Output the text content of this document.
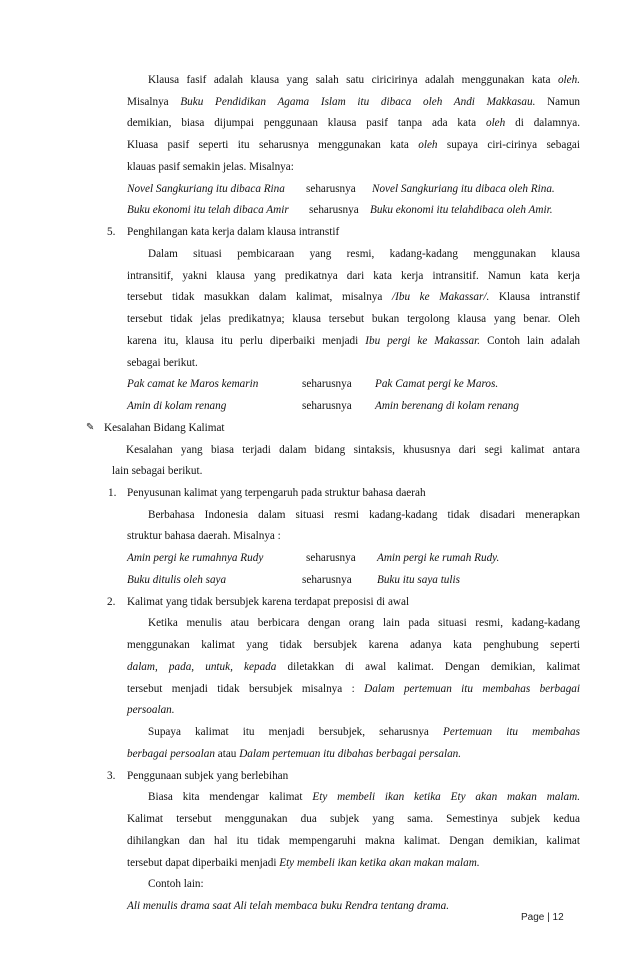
Klausa fasif adalah klausa yang salah satu ciricirinya adalah menggunakan kata oleh.
Misalnya Buku Pendidikan Agama Islam itu dibaca oleh Andi Makkasau. Namun
demikian, biasa dijumpai penggunaan klausa pasif tanpa ada kata oleh di dalamnya.
Kluasa pasif seperti itu seharusnya menggunakan kata oleh supaya ciri-cirinya sebagai
klauas pasif semakin jelas. Misalnya:
Novel Sangkuriang itu dibaca Rina seharusnya Novel Sangkuriang itu dibaca oleh Rina.
Buku ekonomi itu telah dibaca Amir seharusnya Buku ekonomi itu telahdibaca oleh Amir.
5. Penghilangan kata kerja dalam klausa intranstif
Dalam situasi pembicaraan yang resmi, kadang-kadang menggunakan klausa
intransitif, yakni klausa yang predikatnya dari kata kerja intransitif. Namun kata kerja
tersebut tidak masukkan dalam kalimat, misalnya /Ibu ke Makassar/. Klausa intranstif
tersebut tidak jelas predikatnya; klausa tersebut bukan tergolong klausa yang benar. Oleh
karena itu, klausa itu perlu diperbaiki menjadi Ibu pergi ke Makassar. Contoh lain adalah
sebagai berikut.
Pak camat ke Maros kemarin	seharusnya Pak Camat pergi ke Maros.
Amin di kolam renang	seharusnya Amin berenang di kolam renang
✎ Kesalahan Bidang Kalimat
Kesalahan yang biasa terjadi dalam bidang sintaksis, khususnya dari segi kalimat antara
lain sebagai berikut.
1. Penyusunan kalimat yang terpengaruh pada struktur bahasa daerah
Berbahasa Indonesia dalam situasi resmi kadang-kadang tidak disadari menerapkan
struktur bahasa daerah. Misalnya :
Amin pergi ke rumahnya Rudy	seharusnya Amin pergi ke rumah Rudy.
Buku ditulis oleh saya	seharusnya Buku itu saya tulis
2. Kalimat yang tidak bersubjek karena terdapat preposisi di awal
Ketika menulis atau berbicara dengan orang lain pada situasi resmi, kadang-kadang
menggunakan kalimat yang tidak bersubjek karena adanya kata penghubung seperti
dalam, pada, untuk, kepada diletakkan di awal kalimat. Dengan demikian, kalimat
tersebut menjadi tidak bersubjek misalnya : Dalam pertemuan itu membahas berbagai
persoalan.
Supaya kalimat itu menjadi bersubjek, seharusnya Pertemuan itu membahas
berbagai persoalan atau Dalam pertemuan itu dibahas berbagai persalan.
3. Penggunaan subjek yang berlebihan
Biasa kita mendengar kalimat Ety membeli ikan ketika Ety akan makan malam.
Page | 12
Kalimat tersebut menggunakan dua subjek yang sama. Semestinya subjek kedua
dihilangkan dan hal itu tidak mempengaruhi makna kalimat. Dengan demikian, kalimat
tersebut dapat diperbaiki menjadi Ety membeli ikan ketika akan makan malam.
Contoh lain:
Ali menulis drama saat Ali telah membaca buku Rendra tentang drama.
